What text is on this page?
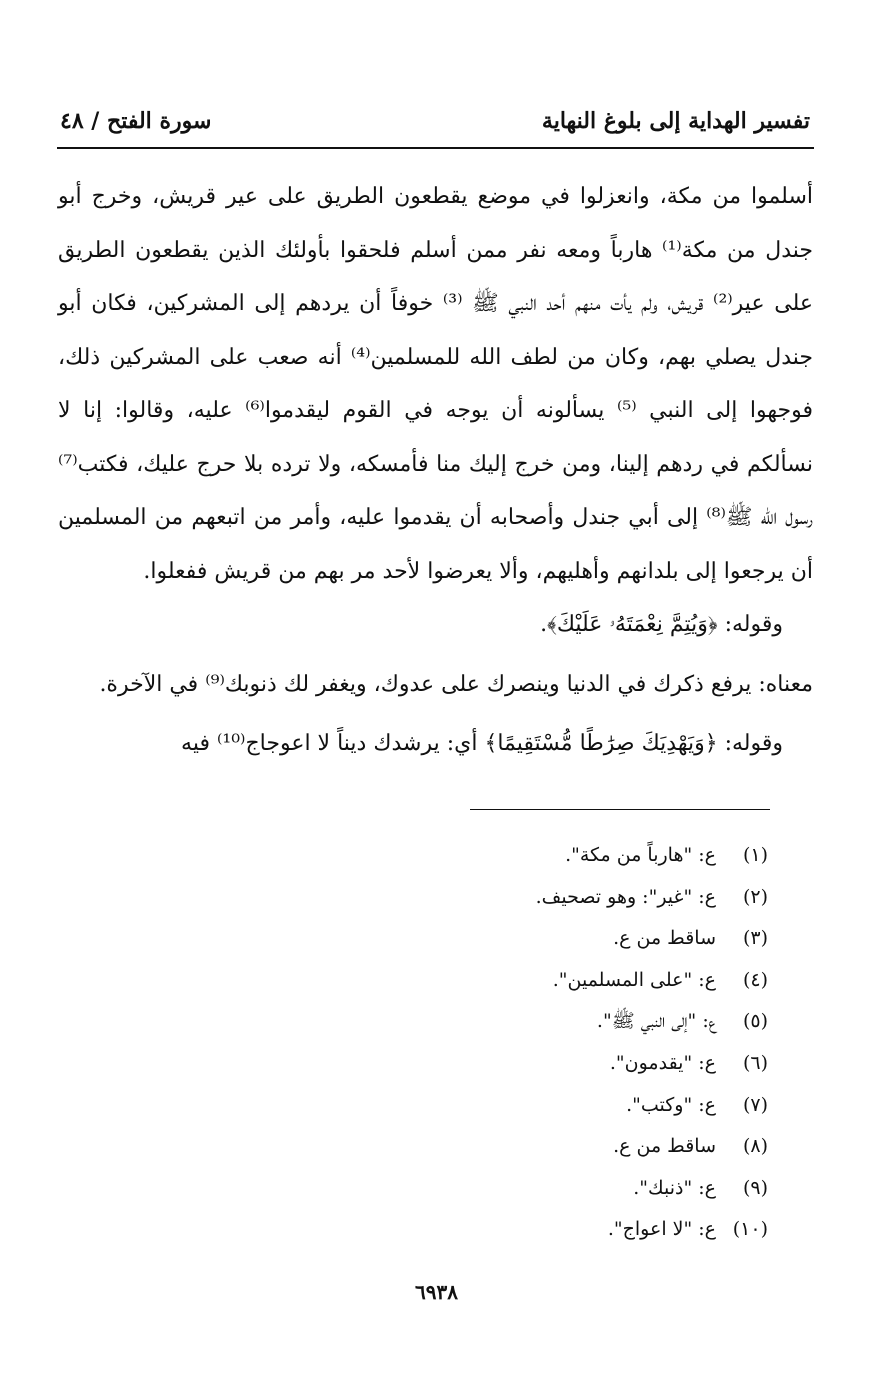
تفسير الهداية إلى بلوغ النهاية
سورة الفتح / ٤٨

أسلموا من مكة، وانعزلوا في موضع يقطعون الطريق على عير قريش، وخرج أبو جندل من مكة⁽¹⁾ هارباً ومعه نفر ممن أسلم فلحقوا بأولئك الذين يقطعون الطريق على عير⁽²⁾ قريش، ولم يأت منهم أحد النبي ﷺ ⁽³⁾ خوفاً أن يردهم إلى المشركين، فكان أبو جندل يصلي بهم، وكان من لطف الله للمسلمين⁽⁴⁾ أنه صعب على المشركين ذلك، فوجهوا إلى النبي ⁽⁵⁾ يسألونه أن يوجه في القوم ليقدموا⁽⁶⁾ عليه، وقالوا: إنا لا نسألكم في ردهم إلينا، ومن خرج إليك منا فأمسكه، ولا ترده بلا حرج عليك، فكتب⁽⁷⁾ رسول الله ﷺ⁽⁸⁾ إلى أبي جندل وأصحابه أن يقدموا عليه، وأمر من اتبعهم من المسلمين أن يرجعوا إلى بلدانهم وأهليهم، وألا يعرضوا لأحد مر بهم من قريش ففعلوا.

وقوله: ﴿وَيُتِمَّ نِعْمَتَهُۥ عَلَيْكَ﴾.

معناه: يرفع ذكرك في الدنيا وينصرك على عدوك، ويغفر لك ذنوبك⁽⁹⁾ في الآخرة.

وقوله: ﴿وَيَهْدِيَكَ صِرَٰطًا مُّسْتَقِيمًا﴾ أي: يرشدك ديناً لا اعوجاج⁽¹⁰⁾ فيه

(١)
ع: "هارباً من مكة".
(٢)
ع: "غير": وهو تصحيف.
(٣)
ساقط من ع.
(٤)
ع: "على المسلمين".
(٥)
ع: "إلى النبي ﷺ".
(٦)
ع: "يقدمون".
(٧)
ع: "وكتب".
(٨)
ساقط من ع.
(٩)
ع: "ذنبك".
(١٠)
ع: "لا اعواج".
٦٩٣٨
